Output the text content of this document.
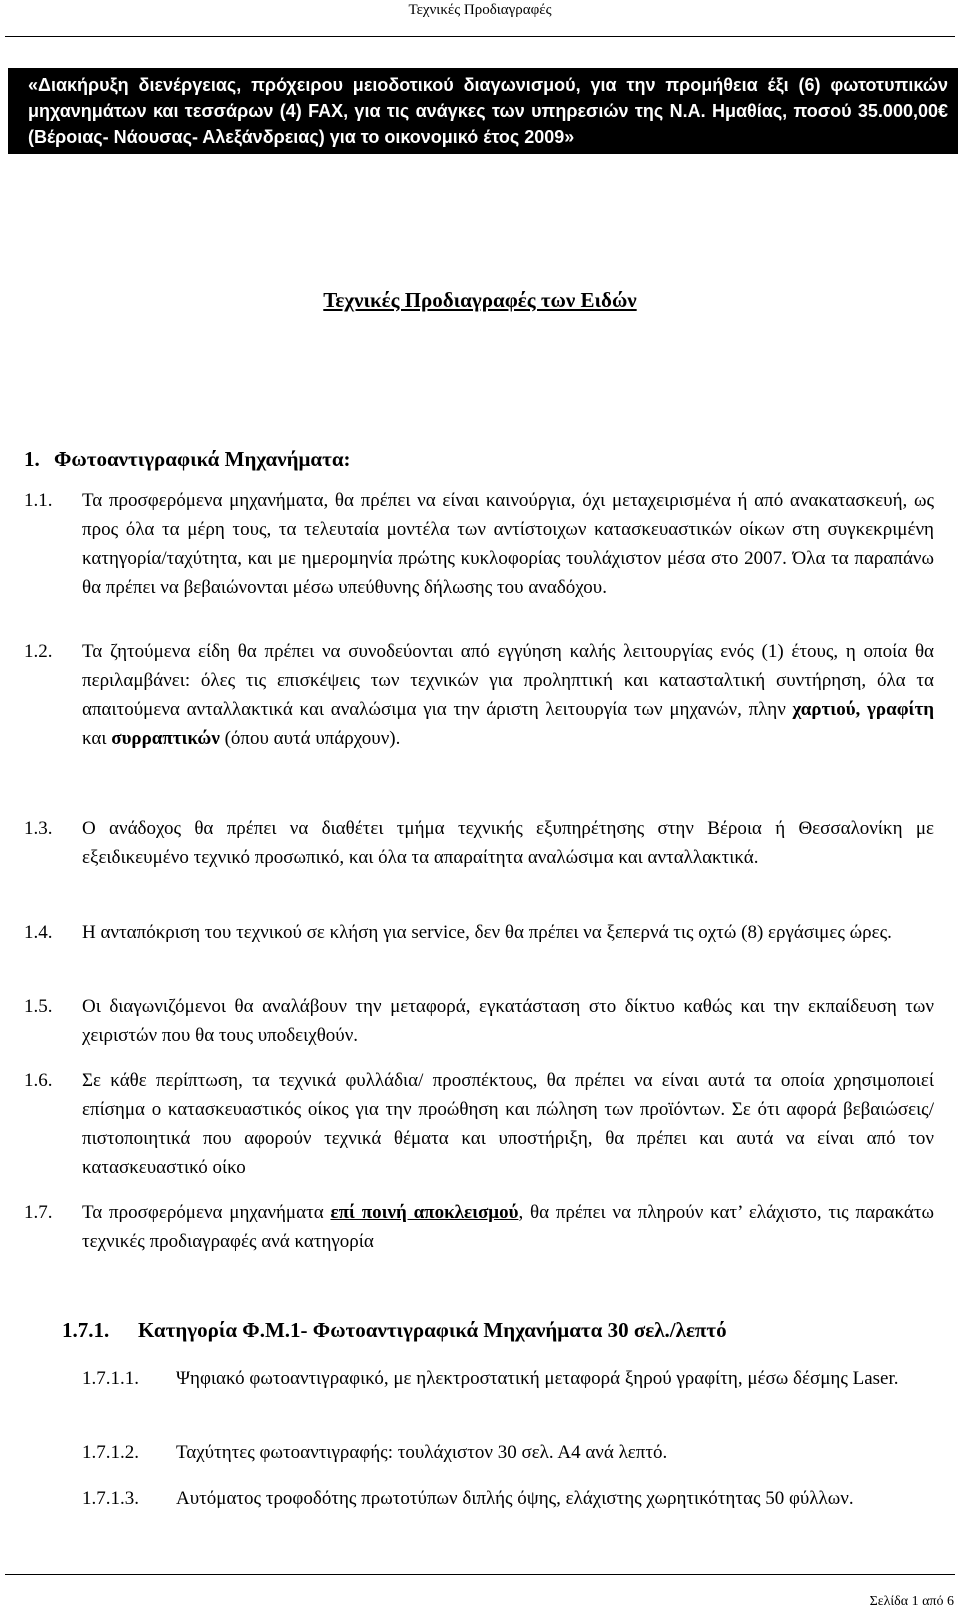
Τεχνικές Προδιαγραφές
«Διακήρυξη διενέργειας, πρόχειρου μειοδοτικού διαγωνισμού, για την προμήθεια έξι (6) φωτοτυπικών μηχανημάτων και τεσσάρων (4) FAX, για τις ανάγκες των υπηρεσιών της Ν.Α. Ημαθίας, ποσού 35.000,00€ (Βέροιας- Νάουσας- Αλεξάνδρειας) για το οικονομικό έτος 2009»
Τεχνικές Προδιαγραφές των Ειδών
1. Φωτοαντιγραφικά Μηχανήματα:
1.1. Τα προσφερόμενα μηχανήματα, θα πρέπει να είναι καινούργια, όχι μεταχειρισμένα ή από ανακατασκευή, ως προς όλα τα μέρη τους, τα τελευταία μοντέλα των αντίστοιχων κατασκευαστικών οίκων στη συγκεκριμένη κατηγορία/ταχύτητα, και με ημερομηνία πρώτης κυκλοφορίας τουλάχιστον μέσα στο 2007. Όλα τα παραπάνω θα πρέπει να βεβαιώνονται μέσω υπεύθυνης δήλωσης του αναδόχου.
1.2. Τα ζητούμενα είδη θα πρέπει να συνοδεύονται από εγγύηση καλής λειτουργίας ενός (1) έτους, η οποία θα περιλαμβάνει: όλες τις επισκέψεις των τεχνικών για προληπτική και κατασταλτική συντήρηση, όλα τα απαιτούμενα ανταλλακτικά και αναλώσιμα για την άριστη λειτουργία των μηχανών, πλην χαρτιού, γραφίτη και συρραπτικών (όπου αυτά υπάρχουν).
1.3. Ο ανάδοχος θα πρέπει να διαθέτει τμήμα τεχνικής εξυπηρέτησης στην Βέροια ή Θεσσαλονίκη με εξειδικευμένο τεχνικό προσωπικό, και όλα τα απαραίτητα αναλώσιμα και ανταλλακτικά.
1.4. Η ανταπόκριση του τεχνικού σε κλήση για service, δεν θα πρέπει να ξεπερνά τις οχτώ (8) εργάσιμες ώρες.
1.5. Οι διαγωνιζόμενοι θα αναλάβουν την μεταφορά, εγκατάσταση στο δίκτυο καθώς και την εκπαίδευση των χειριστών που θα τους υποδειχθούν.
1.6. Σε κάθε περίπτωση, τα τεχνικά φυλλάδια/ προσπέκτους, θα πρέπει να είναι αυτά τα οποία χρησιμοποιεί επίσημα ο κατασκευαστικός οίκος για την προώθηση και πώληση των προϊόντων. Σε ότι αφορά βεβαιώσεις/ πιστοποιητικά που αφορούν τεχνικά θέματα και υποστήριξη, θα πρέπει και αυτά να είναι από τον κατασκευαστικό οίκο
1.7. Τα προσφερόμενα μηχανήματα επί ποινή αποκλεισμού, θα πρέπει να πληρούν κατ’ ελάχιστο, τις παρακάτω τεχνικές προδιαγραφές ανά κατηγορία
1.7.1. Κατηγορία Φ.Μ.1- Φωτοαντιγραφικά Μηχανήματα 30 σελ./λεπτό
1.7.1.1. Ψηφιακό φωτοαντιγραφικό, με ηλεκτροστατική μεταφορά ξηρού γραφίτη, μέσω δέσμης Laser.
1.7.1.2. Ταχύτητες φωτοαντιγραφής: τουλάχιστον 30 σελ. Α4 ανά λεπτό.
1.7.1.3. Αυτόματος τροφοδότης πρωτοτύπων διπλής όψης, ελάχιστης χωρητικότητας 50 φύλλων.
Σελίδα 1 από 6
